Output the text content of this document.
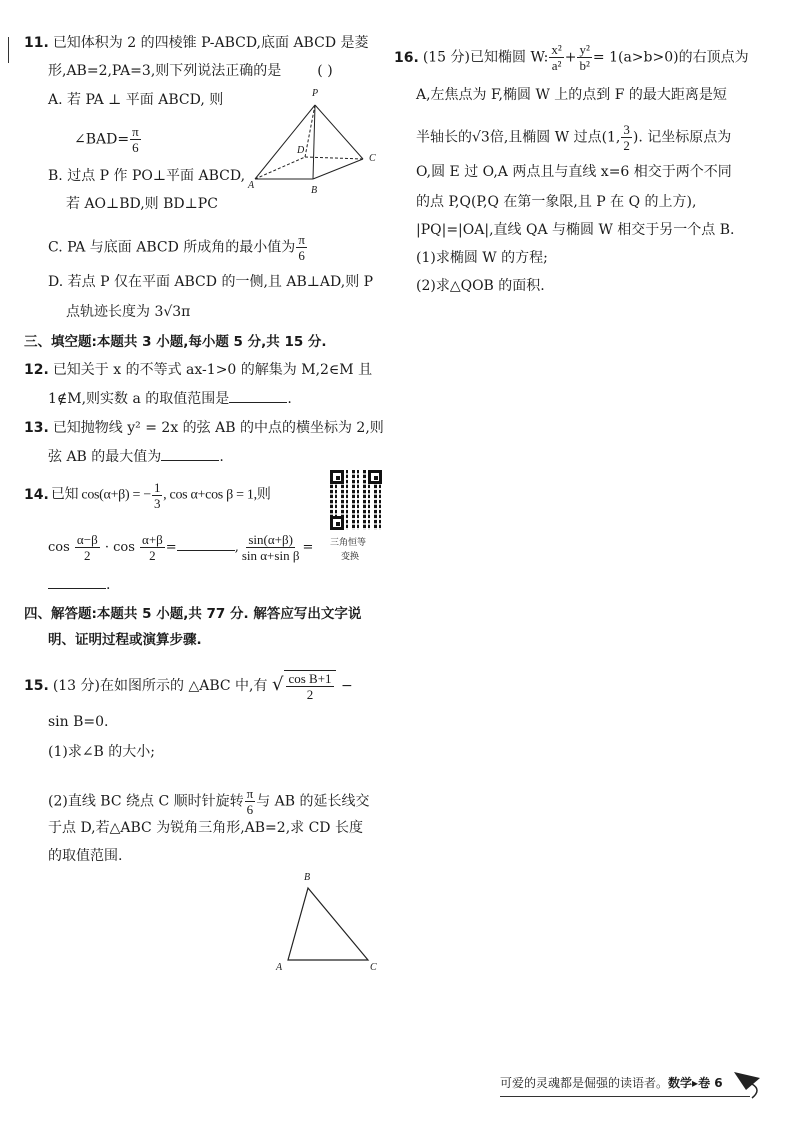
11. 已知体积为 2 的四棱锥 P-ABCD,底面 ABCD 是菱
形,AB=2,PA=3,则下列说法正确的是	( )
A. 若 PA ⊥ 平面 ABCD, 则
∠BAD= $\frac{\pi}{6}$
B. 过点 P 作 PO⊥平面 ABCD,
若 AO⊥BD,则 BD⊥PC
C. PA 与底面 ABCD 所成角的最小值为 $\frac{\pi}{6}$
D. 若点 P 仅在平面 ABCD 的一侧,且 AB⊥AD,则 P
点轨迹长度为 3√3π
P
D
C
A	B
三、填空题:本题共 3 小题,每小题 5 分,共 15 分.
12. 已知关于 x 的不等式 ax-1>0 的解集为 M,2∈M 且
1∉M,则实数 a 的取值范围是	.
13. 已知抛物线 y² = 2x 的弦 AB 的中点的横坐标为 2,则
弦 AB 的最大值为	.
14. 已知 cos(α+β) = − $\frac{1}{3}$ , cos α+cos β = 1,则
$\cos \frac{\alpha-\beta}{2} \cdot \cos \frac{\alpha+\beta}{2}$ =	, $\frac{\sin(\alpha+\beta)}{\text{sin α+sin β}}$ =
.
三角恒等
变换
四、解答题:本题共 5 小题,共 77 分. 解答应写出文字说
明、证明过程或演算步骤.
15. (13 分)在如图所示的 △ABC 中,有 √ $\frac{\text{cos B+1}}{2}$ −
sin B=0.
(1)求∠B 的大小;
(2)直线 BC 绕点 C 顺时针旋转 $\frac{\pi}{6}$ 与 AB 的延长线交
于点 D,若△ABC 为锐角三角形,AB=2,求 CD 长度
的取值范围.
B
A	C
16. (15 分)已知椭圆 W: $\frac{\text{x²}}{\text{a²}} + \frac{\text{y²}}{\text{b²}} = 1(a>b>0)$的右顶点为
A,左焦点为 F,椭圆 W 上的点到 F 的最大距离是短
半轴长的√3倍,且椭圆 W 过点(1, $\frac{3}{2}$ ). 记坐标原点为
O,圆 E 过 O,A 两点且与直线 x=6 相交于两个不同
的点 P,Q(P,Q 在第一象限,且 P 在 Q 的上方),
|PQ|=|OA|,直线 QA 与椭圆 W 相交于另一个点 B.
(1)求椭圆 W 的方程;
(2)求△QOB 的面积.
可爱的灵魂都是倔强的读语者。数学▸卷 6
